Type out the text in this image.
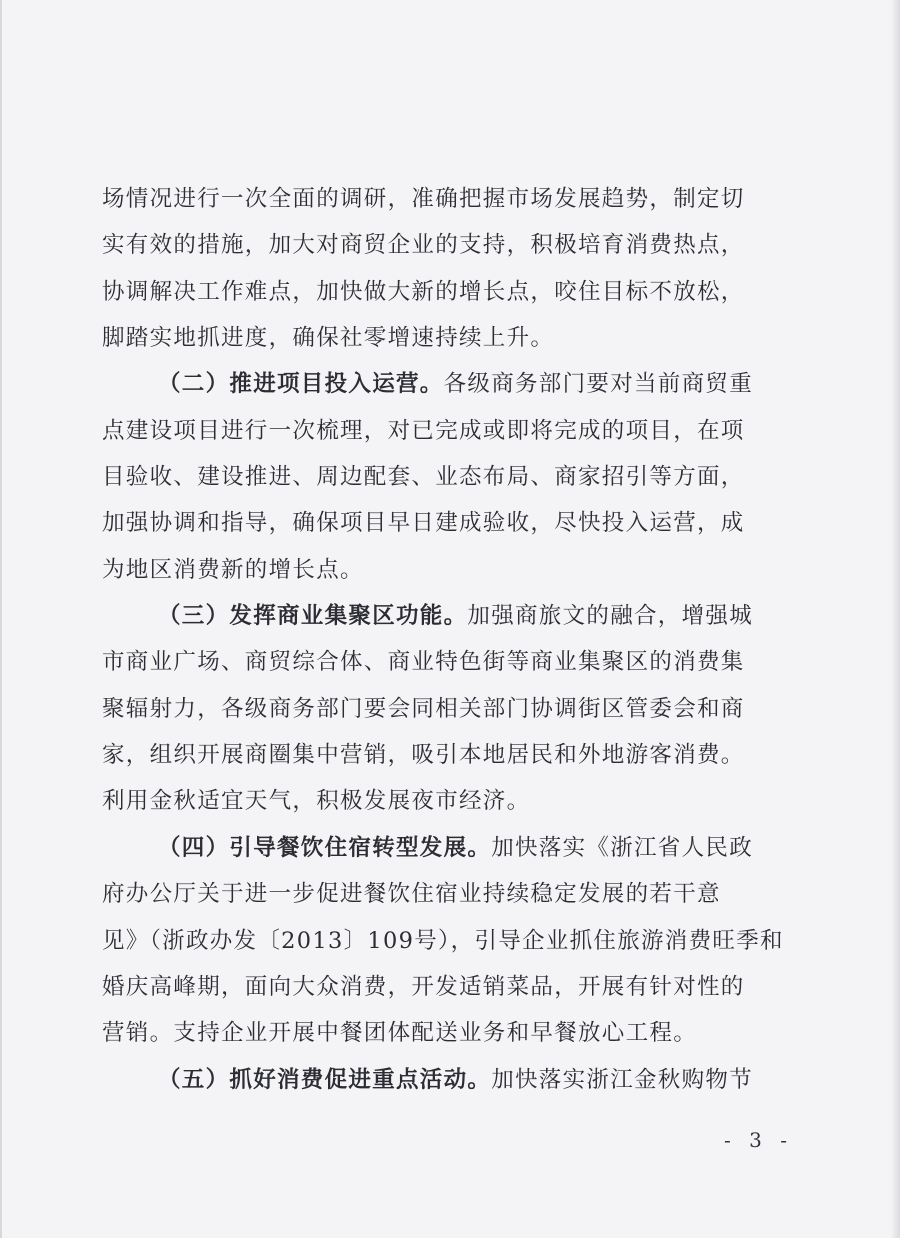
场情况进行一次全面的调研，准确把握市场发展趋势，制定切
实有效的措施，加大对商贸企业的支持，积极培育消费热点，
协调解决工作难点，加快做大新的增长点，咬住目标不放松，
脚踏实地抓进度，确保社零增速持续上升。
（二）推进项目投入运营。各级商务部门要对当前商贸重
点建设项目进行一次梳理，对已完成或即将完成的项目，在项
目验收、建设推进、周边配套、业态布局、商家招引等方面，
加强协调和指导，确保项目早日建成验收，尽快投入运营，成
为地区消费新的增长点。
（三）发挥商业集聚区功能。加强商旅文的融合，增强城
市商业广场、商贸综合体、商业特色街等商业集聚区的消费集
聚辐射力，各级商务部门要会同相关部门协调街区管委会和商
家，组织开展商圈集中营销，吸引本地居民和外地游客消费。
利用金秋适宜天气，积极发展夜市经济。
（四）引导餐饮住宿转型发展。加快落实《浙江省人民政
府办公厅关于进一步促进餐饮住宿业持续稳定发展的若干意
见》（浙政办发〔2013〕109号），引导企业抓住旅游消费旺季和
婚庆高峰期，面向大众消费，开发适销菜品，开展有针对性的
营销。支持企业开展中餐团体配送业务和早餐放心工程。
（五）抓好消费促进重点活动。加快落实浙江金秋购物节
- 3 -
